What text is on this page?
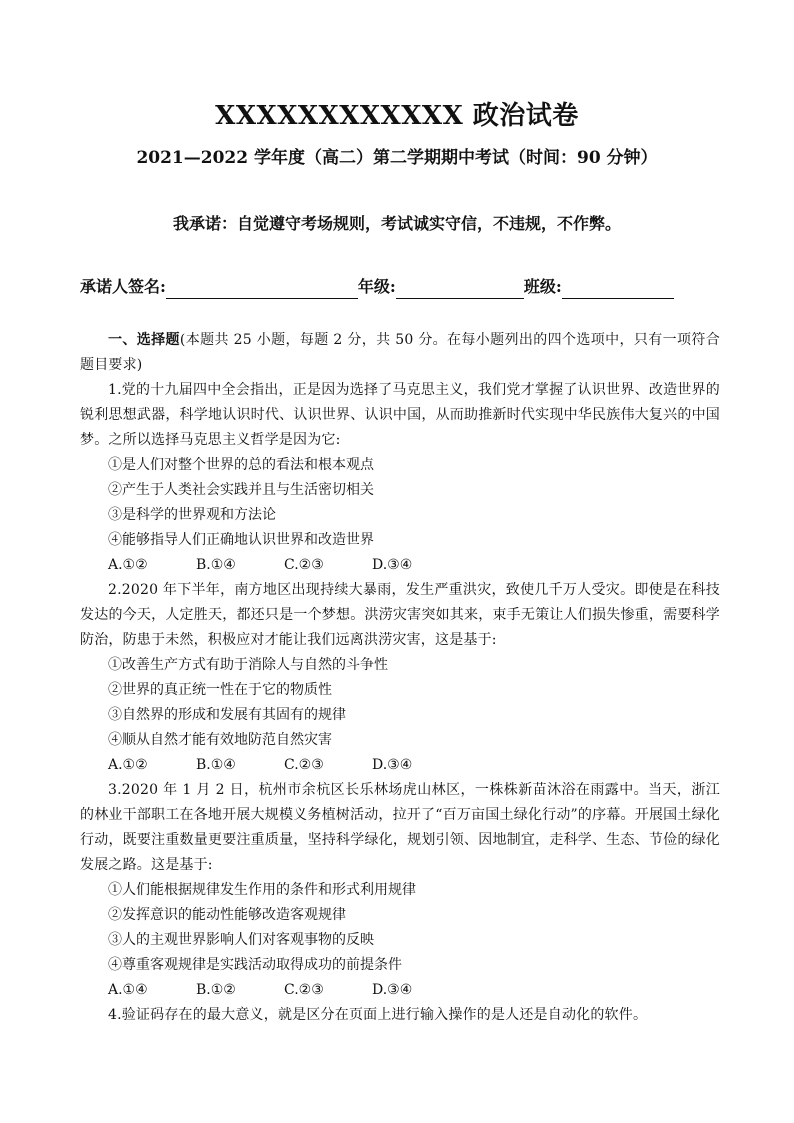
XXXXXXXXXXXX 政治试卷
2021—2022 学年度（高二）第二学期期中考试（时间：90 分钟）
我承诺：自觉遵守考场规则，考试诚实守信，不违规，不作弊。
承诺人签名:	年级:	班级:

一、选择题(本题共 25 小题，每题 2 分，共 50 分。在每小题列出的四个选项中，只有一项符合题目要求)

1.党的十九届四中全会指出，正是因为选择了马克思主义，我们党才掌握了认识世界、改造世界的锐利思想武器，科学地认识时代、认识世界、认识中国，从而助推新时代实现中华民族伟大复兴的中国梦。之所以选择马克思主义哲学是因为它:

①是人们对整个世界的总的看法和根本观点

②产生于人类社会实践并且与生活密切相关

③是科学的世界观和方法论

④能够指导人们正确地认识世界和改造世界

A.①②	B.①④	C.②③	D.③④

2.2020 年下半年，南方地区出现持续大暴雨，发生严重洪灾，致使几千万人受灾。即使是在科技发达的今天，人定胜天，都还只是一个梦想。洪涝灾害突如其来，束手无策让人们损失惨重，需要科学防治，防患于未然，积极应对才能让我们远离洪涝灾害，这是基于:

①改善生产方式有助于消除人与自然的斗争性

②世界的真正统一性在于它的物质性

③自然界的形成和发展有其固有的规律

④顺从自然才能有效地防范自然灾害

A.①②	B.①④	C.②③	D.③④

3.2020 年 1 月 2 日，杭州市余杭区长乐林场虎山林区，一株株新苗沐浴在雨露中。当天，浙江的林业干部职工在各地开展大规模义务植树活动，拉开了“百万亩国土绿化行动”的序幕。开展国土绿化行动，既要注重数量更要注重质量，坚持科学绿化，规划引领、因地制宜，走科学、生态、节俭的绿化发展之路。这是基于:

①人们能根据规律发生作用的条件和形式利用规律

②发挥意识的能动性能够改造客观规律

③人的主观世界影响人们对客观事物的反映

④尊重客观规律是实践活动取得成功的前提条件

A.①④	B.①②	C.②③	D.③④

4.验证码存在的最大意义，就是区分在页面上进行输入操作的是人还是自动化的软件。
